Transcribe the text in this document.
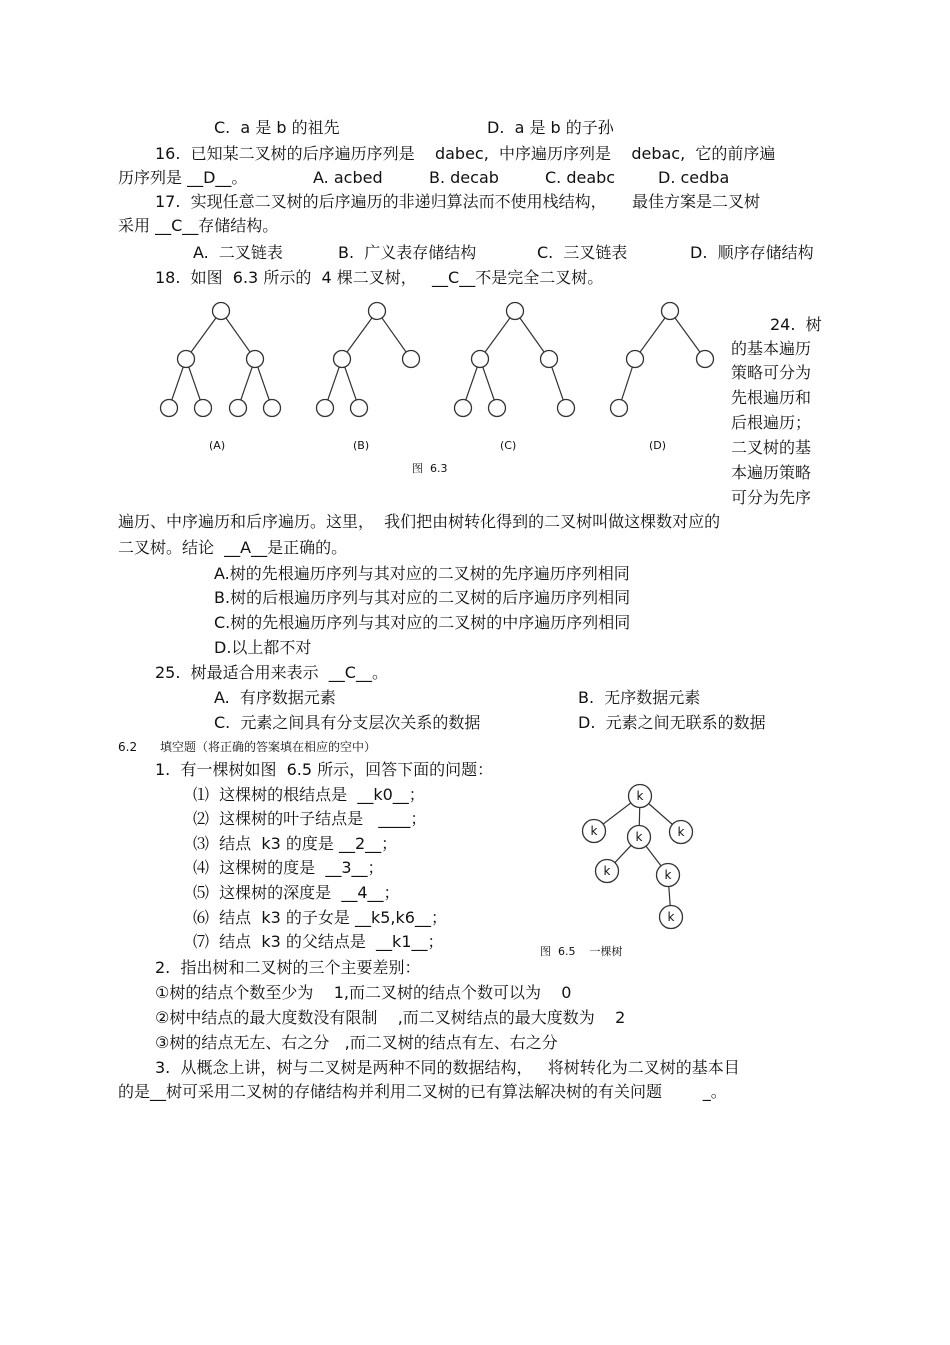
C.  a 是 b 的祖先	D.  a 是 b 的子孙
16.  已知某二叉树的后序遍历序列是    dabec,  中序遍历序列是    debac,  它的前序遍
历序列是 __D__。	A. acbed	B. decab	C. deabc	D. cedba
17.  实现任意二叉树的后序遍历的非递归算法而不使用栈结构，     最佳方案是二叉树
采用 __C__存储结构。
A.  二叉链表	B.  广义表存储结构	C.  三叉链表	D.  顺序存储结构
18.  如图  6.3 所示的  4 棵二叉树，   __C__不是完全二叉树。
(A)	(B)	(C)	(D)
图  6.3
24.  树
的基本遍历
策略可分为
先根遍历和
后根遍历；
二叉树的基
本遍历策略
可分为先序
遍历、中序遍历和后序遍历。这里，  我们把由树转化得到的二叉树叫做这棵数对应的
二叉树。结论  __A__是正确的。
A.树的先根遍历序列与其对应的二叉树的先序遍历序列相同
B.树的后根遍历序列与其对应的二叉树的后序遍历序列相同
C.树的先根遍历序列与其对应的二叉树的中序遍历序列相同
D.以上都不对
25.  树最适合用来表示  __C__。
A.  有序数据元素	B.  无序数据元素
C.  元素之间具有分支层次关系的数据	D.  元素之间无联系的数据
6.2      填空题（将正确的答案填在相应的空中）
1.  有一棵树如图  6.5 所示，回答下面的问题：
⑴  这棵树的根结点是  __k0__；
⑵  这棵树的叶子结点是   ____；
⑶  结点  k3 的度是 __2__；
⑷  这棵树的度是  __3__；
⑸  这棵树的深度是  __4__；
⑹  结点  k3 的子女是 __k5,k6__；
⑺  结点  k3 的父结点是  __k1__；
k
k	k	k
k	k
k
图  6.5    一棵树
2.  指出树和二叉树的三个主要差别：
①树的结点个数至少为    1,而二叉树的结点个数可以为    0
②树中结点的最大度数没有限制    ,而二叉树结点的最大度数为    2
③树的结点无左、右之分   ,而二叉树的结点有左、右之分
3.  从概念上讲，树与二叉树是两种不同的数据结构，   将树转化为二叉树的基本目
的是__树可采用二叉树的存储结构并利用二叉树的已有算法解决树的有关问题        _。
